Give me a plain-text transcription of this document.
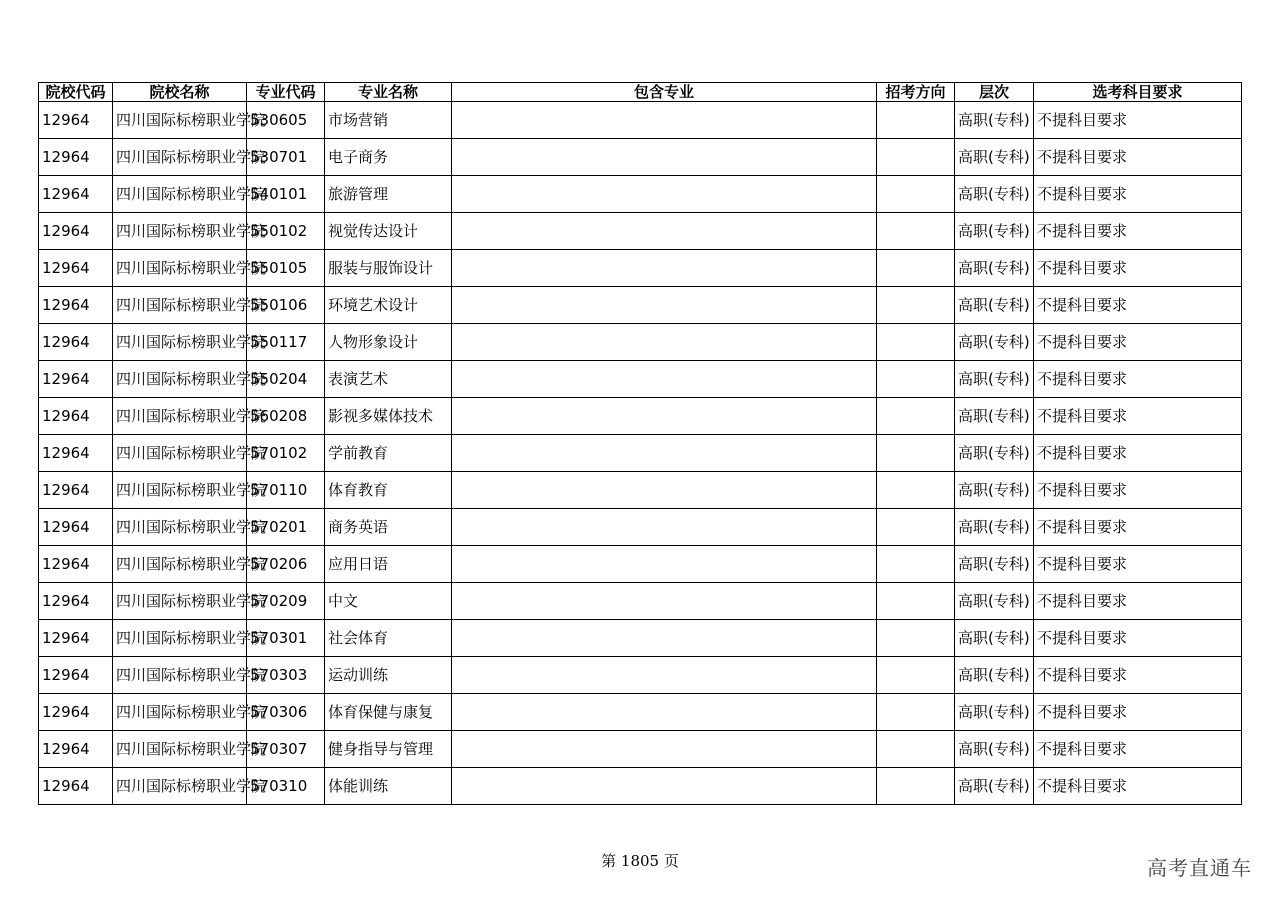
院校代码	院校名称	专业代码	专业名称	包含专业	招考方向	层次	选考科目要求
12964	四川国际标榜职业学院	530605	市场营销			高职(专科)	不提科目要求
12964	四川国际标榜职业学院	530701	电子商务			高职(专科)	不提科目要求
12964	四川国际标榜职业学院	540101	旅游管理			高职(专科)	不提科目要求
12964	四川国际标榜职业学院	550102	视觉传达设计			高职(专科)	不提科目要求
12964	四川国际标榜职业学院	550105	服装与服饰设计			高职(专科)	不提科目要求
12964	四川国际标榜职业学院	550106	环境艺术设计			高职(专科)	不提科目要求
12964	四川国际标榜职业学院	550117	人物形象设计			高职(专科)	不提科目要求
12964	四川国际标榜职业学院	550204	表演艺术			高职(专科)	不提科目要求
12964	四川国际标榜职业学院	560208	影视多媒体技术			高职(专科)	不提科目要求
12964	四川国际标榜职业学院	570102	学前教育			高职(专科)	不提科目要求
12964	四川国际标榜职业学院	570110	体育教育			高职(专科)	不提科目要求
12964	四川国际标榜职业学院	570201	商务英语			高职(专科)	不提科目要求
12964	四川国际标榜职业学院	570206	应用日语			高职(专科)	不提科目要求
12964	四川国际标榜职业学院	570209	中文			高职(专科)	不提科目要求
12964	四川国际标榜职业学院	570301	社会体育			高职(专科)	不提科目要求
12964	四川国际标榜职业学院	570303	运动训练			高职(专科)	不提科目要求
12964	四川国际标榜职业学院	570306	体育保健与康复			高职(专科)	不提科目要求
12964	四川国际标榜职业学院	570307	健身指导与管理			高职(专科)	不提科目要求
12964	四川国际标榜职业学院	570310	体能训练			高职(专科)	不提科目要求
第 1805 页	高考直通车
